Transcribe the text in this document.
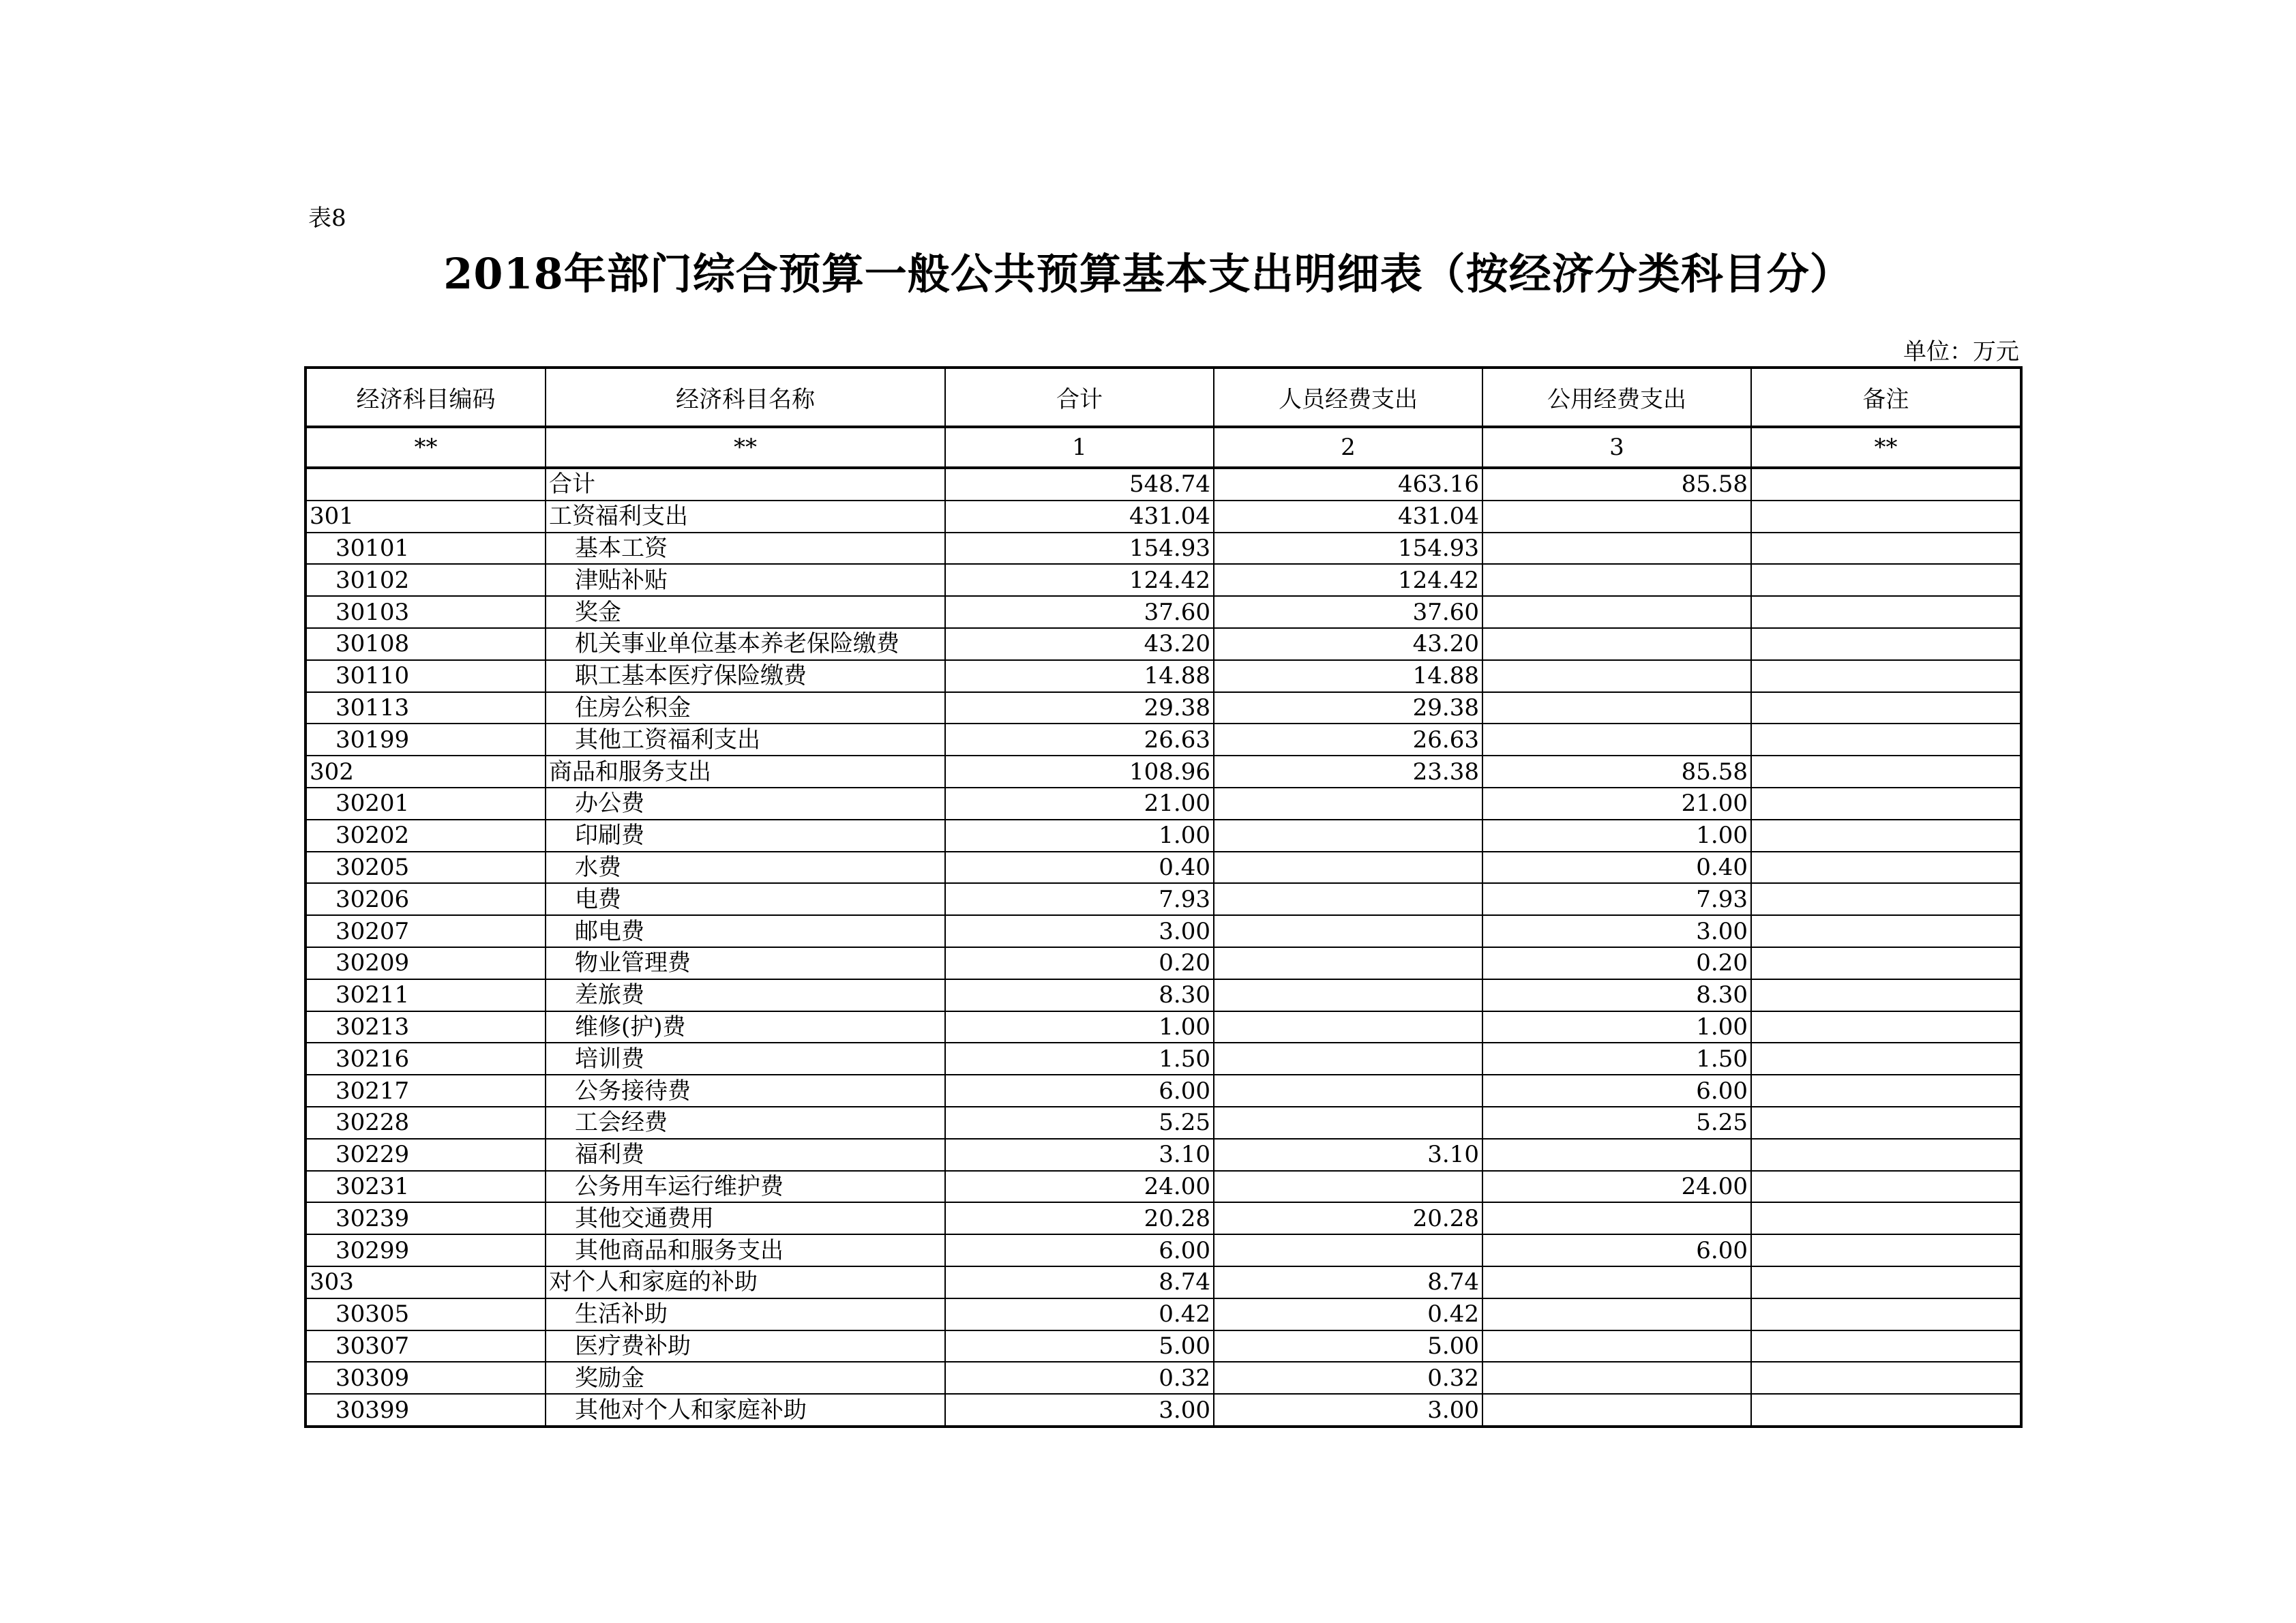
表8
2018年部门综合预算一般公共预算基本支出明细表（按经济分类科目分）
单位：万元
经济科目编码	经济科目名称	合计	人员经费支出	公用经费支出	备注
**	**	1	2	3	**
	合计	548.74	463.16	85.58	
301	工资福利支出	431.04	431.04		
30101	基本工资	154.93	154.93		
30102	津贴补贴	124.42	124.42		
30103	奖金	37.60	37.60		
30108	机关事业单位基本养老保险缴费	43.20	43.20		
30110	职工基本医疗保险缴费	14.88	14.88		
30113	住房公积金	29.38	29.38		
30199	其他工资福利支出	26.63	26.63		
302	商品和服务支出	108.96	23.38	85.58	
30201	办公费	21.00		21.00	
30202	印刷费	1.00		1.00	
30205	水费	0.40		0.40	
30206	电费	7.93		7.93	
30207	邮电费	3.00		3.00	
30209	物业管理费	0.20		0.20	
30211	差旅费	8.30		8.30	
30213	维修(护)费	1.00		1.00	
30216	培训费	1.50		1.50	
30217	公务接待费	6.00		6.00	
30228	工会经费	5.25		5.25	
30229	福利费	3.10	3.10		
30231	公务用车运行维护费	24.00		24.00	
30239	其他交通费用	20.28	20.28		
30299	其他商品和服务支出	6.00		6.00	
303	对个人和家庭的补助	8.74	8.74		
30305	生活补助	0.42	0.42		
30307	医疗费补助	5.00	5.00		
30309	奖励金	0.32	0.32		
30399	其他对个人和家庭补助	3.00	3.00		
